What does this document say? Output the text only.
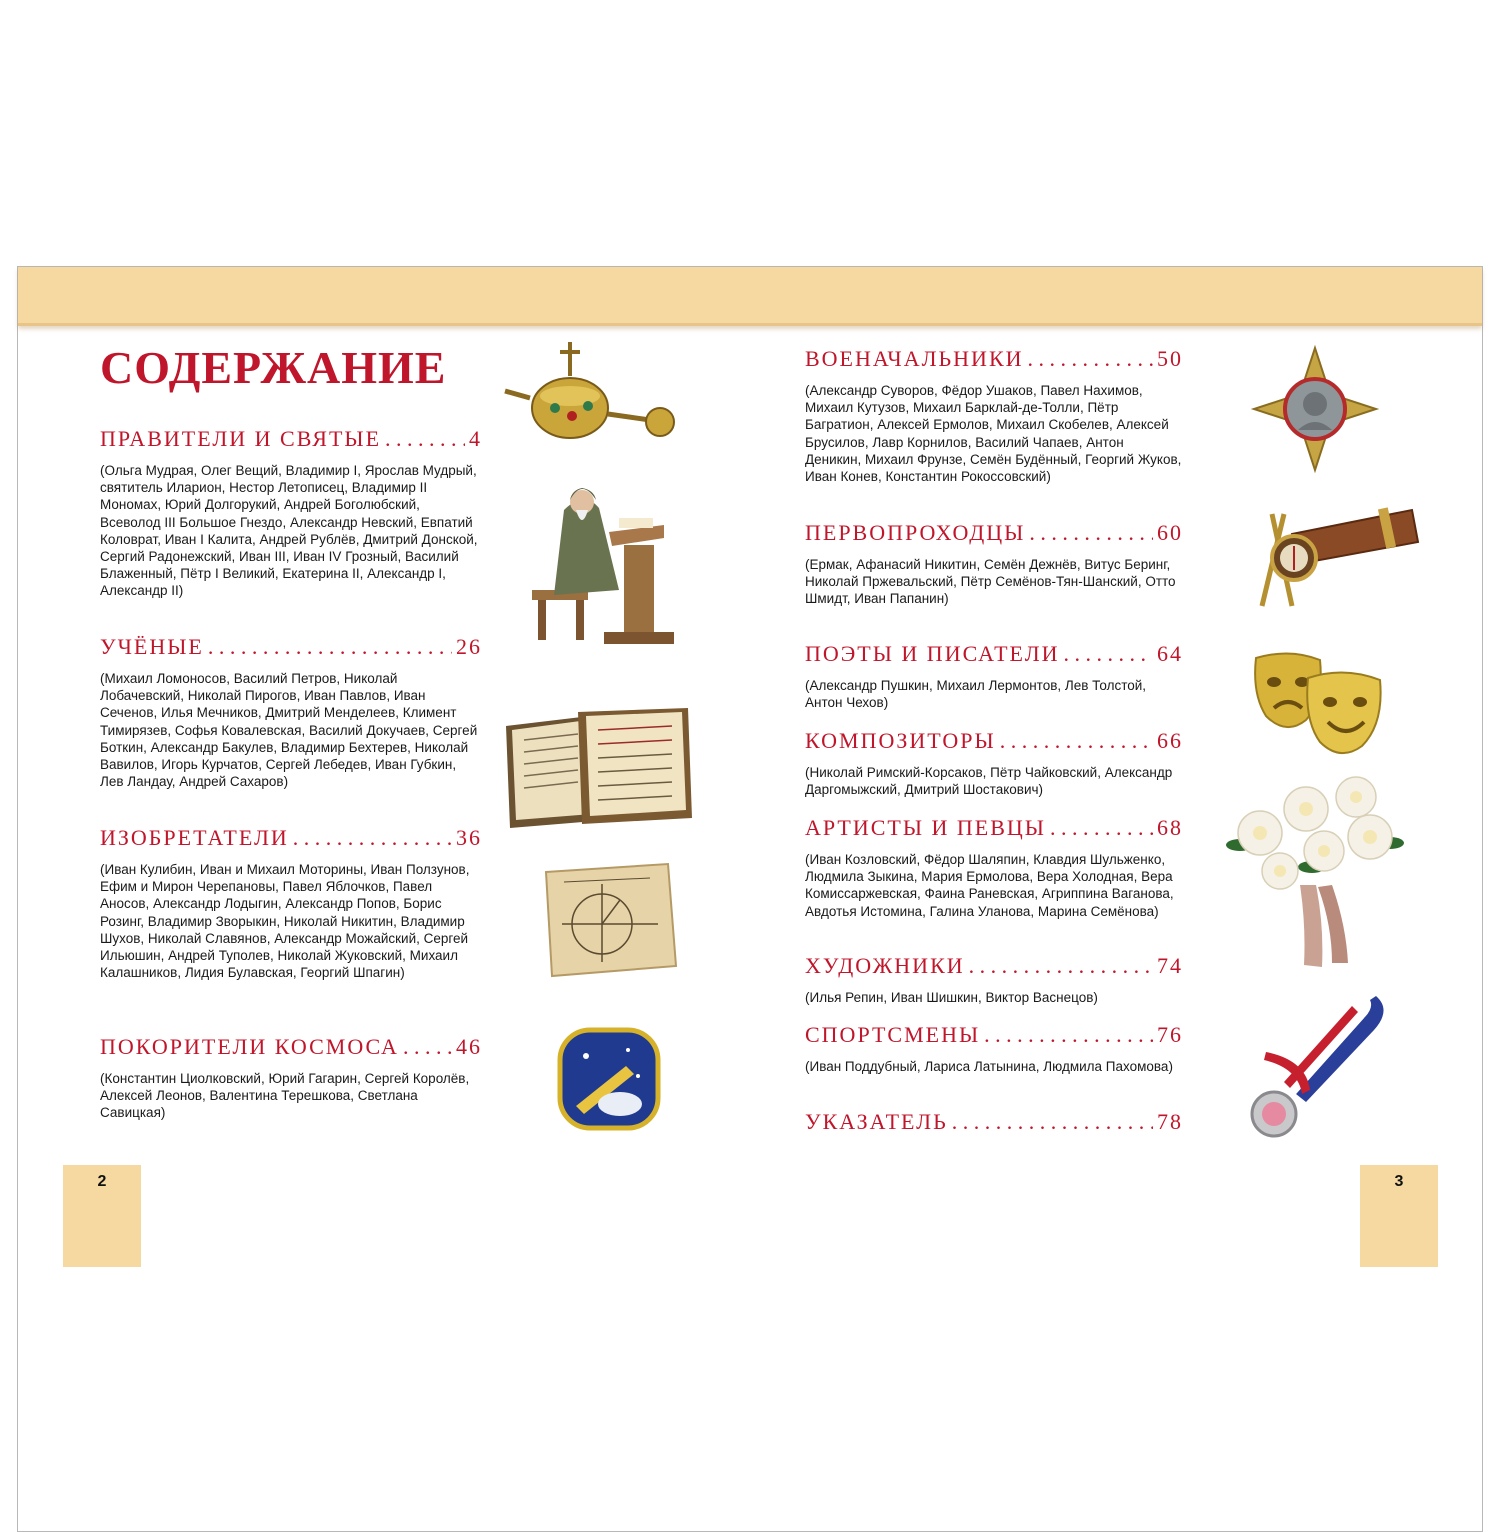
2	3
СОДЕРЖАНИЕ
ПРАВИТЕЛИ И СВЯТЫЕ . . .	4

(Ольга Мудрая, Олег Вещий, Владимир I, Ярослав Мудрый, святитель Иларион, Нестор Летописец, Владимир II Мономах, Юрий Долгорукий, Андрей Боголюбский, Всеволод III Большое Гнездо, Александр Невский, Евпатий Коловрат, Иван I Калита, Андрей Рублёв, Дмитрий Донской, Сергий Радонежский, Иван III, Иван IV Грозный, Василий Блаженный, Пётр I Великий, Екатерина II, Александр I, Александр II)

УЧЁНЫЕ . . .	26

(Михаил Ломоносов, Василий Петров, Николай Лобачевский, Николай Пирогов, Иван Павлов, Иван Сеченов, Илья Мечников, Дмитрий Менделеев, Климент Тимирязев, Софья Ковалевская, Василий Докучаев, Сергей Боткин, Александр Бакулев, Владимир Бехтерев, Николай Вавилов, Игорь Курчатов, Сергей Лебедев, Иван Губкин, Лев Ландау, Андрей Сахаров)

ИЗОБРЕТАТЕЛИ . . .	36

(Иван Кулибин, Иван и Михаил Моторины, Иван Ползунов, Ефим и Мирон Черепановы, Павел Яблочков, Павел Аносов, Александр Лодыгин, Александр Попов, Борис Розинг, Владимир Зворыкин, Николай Никитин, Владимир Шухов, Николай Славянов, Александр Можайский, Сергей Ильюшин, Андрей Туполев, Николай Жуковский, Михаил Калашников, Лидия Булавская, Георгий Шпагин)

ПОКОРИТЕЛИ КОСМОСА . . .	46

(Константин Циолковский, Юрий Гагарин, Сергей Королёв, Алексей Леонов, Валентина Терешкова, Светлана Савицкая)

ВОЕНАЧАЛЬНИКИ . . .	50

(Александр Суворов, Фёдор Ушаков, Павел Нахимов, Михаил Кутузов, Михаил Барклай-де-Толли, Пётр Багратион, Алексей Ермолов, Михаил Скобелев, Алексей Брусилов, Лавр Корнилов, Василий Чапаев, Антон Деникин, Михаил Фрунзе, Семён Будённый, Георгий Жуков, Иван Конев, Константин Рокоссовский)

ПЕРВОПРОХОДЦЫ . . .	60

(Ермак, Афанасий Никитин, Семён Дежнёв, Витус Беринг, Николай Пржевальский, Пётр Семёнов-Тян-Шанский, Отто Шмидт, Иван Папанин)

ПОЭТЫ И ПИСАТЕЛИ . . .	64

(Александр Пушкин, Михаил Лермонтов, Лев Толстой, Антон Чехов)

КОМПОЗИТОРЫ . . .	66

(Николай Римский-Корсаков, Пётр Чайковский, Александр Даргомыжский, Дмитрий Шостакович)

АРТИСТЫ И ПЕВЦЫ . . .	68

(Иван Козловский, Фёдор Шаляпин, Клавдия Шульженко, Людмила Зыкина, Мария Ермолова, Вера Холодная, Вера Комиссаржевская, Фаина Раневская, Агриппина Ваганова, Авдотья Истомина, Галина Уланова, Марина Семёнова)

ХУДОЖНИКИ . . .	74

(Илья Репин, Иван Шишкин, Виктор Васнецов)

СПОРТСМЕНЫ . . .	76

(Иван Поддубный, Лариса Латынина, Людмила Пахомова)

УКАЗАТЕЛЬ . . .	78
